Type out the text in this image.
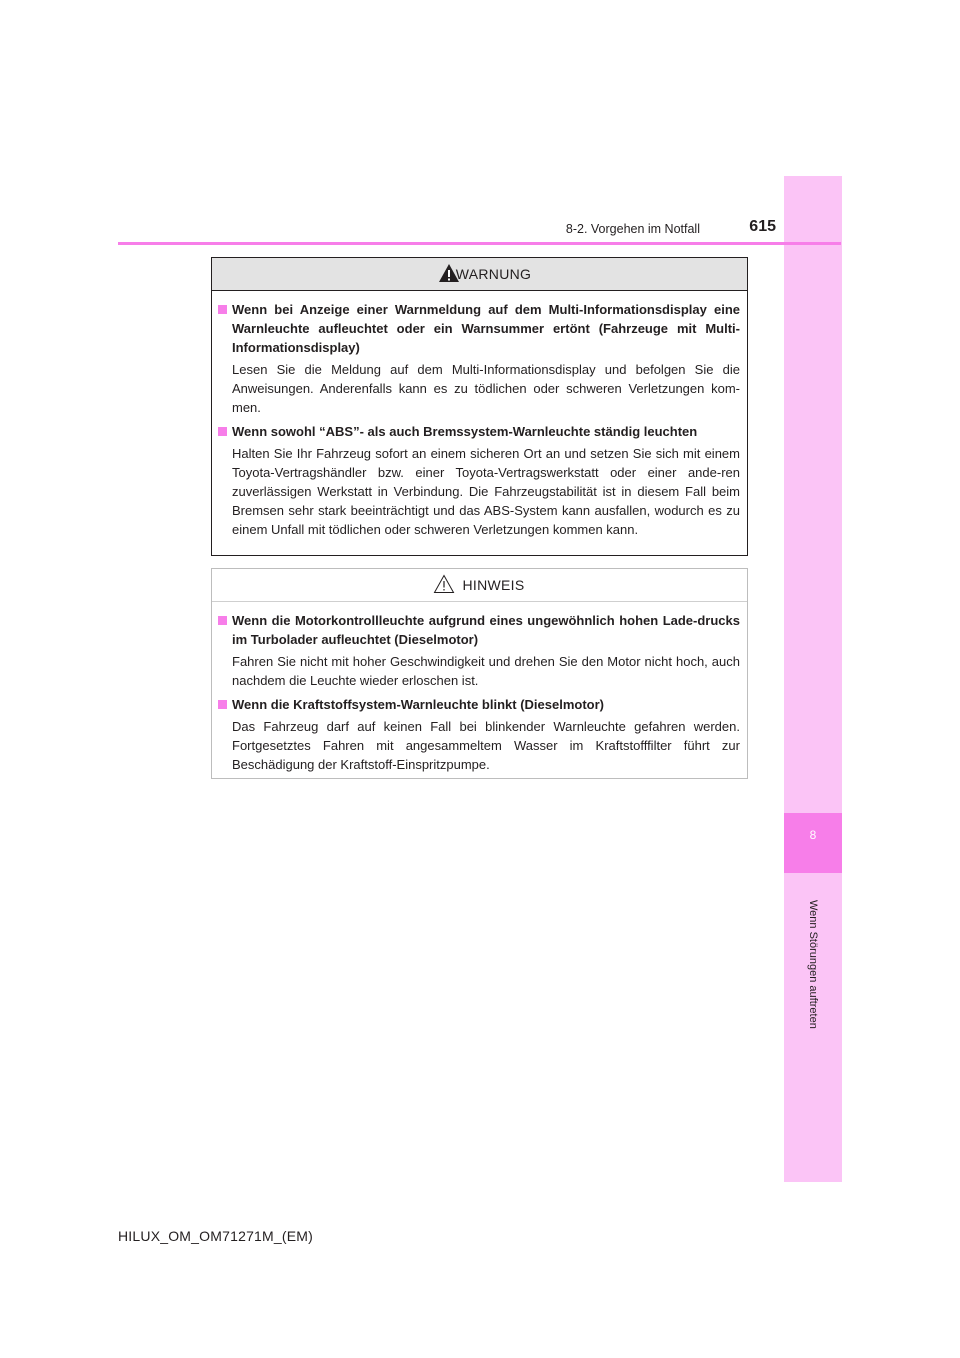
8
Wenn Störungen auftreten
8-2. Vorgehen im Notfall	615
WARNUNG
Wenn bei Anzeige einer Warnmeldung auf dem Multi-Informationsdisplay eine Warnleuchte aufleuchtet oder ein Warnsummer ertönt (Fahrzeuge mit Multi-Informationsdisplay)
Lesen Sie die Meldung auf dem Multi-Informationsdisplay und befolgen Sie die Anweisungen. Anderenfalls kann es zu tödlichen oder schweren Verletzungen kom-men.
Wenn sowohl “ABS”- als auch Bremssystem-Warnleuchte ständig leuchten
Halten Sie Ihr Fahrzeug sofort an einem sicheren Ort an und setzen Sie sich mit einem Toyota-Vertragshändler bzw. einer Toyota-Vertragswerkstatt oder einer ande-ren zuverlässigen Werkstatt in Verbindung. Die Fahrzeugstabilität ist in diesem Fall beim Bremsen sehr stark beeinträchtigt und das ABS-System kann ausfallen, wodurch es zu einem Unfall mit tödlichen oder schweren Verletzungen kommen kann.
HINWEIS
Wenn die Motorkontrollleuchte aufgrund eines ungewöhnlich hohen Lade-drucks im Turbolader aufleuchtet (Dieselmotor)
Fahren Sie nicht mit hoher Geschwindigkeit und drehen Sie den Motor nicht hoch, auch nachdem die Leuchte wieder erloschen ist.
Wenn die Kraftstoffsystem-Warnleuchte blinkt (Dieselmotor)
Das Fahrzeug darf auf keinen Fall bei blinkender Warnleuchte gefahren werden. Fortgesetztes Fahren mit angesammeltem Wasser im Kraftstofffilter führt zur Beschädigung der Kraftstoff-Einspritzpumpe.
HILUX_OM_OM71271M_(EM)
